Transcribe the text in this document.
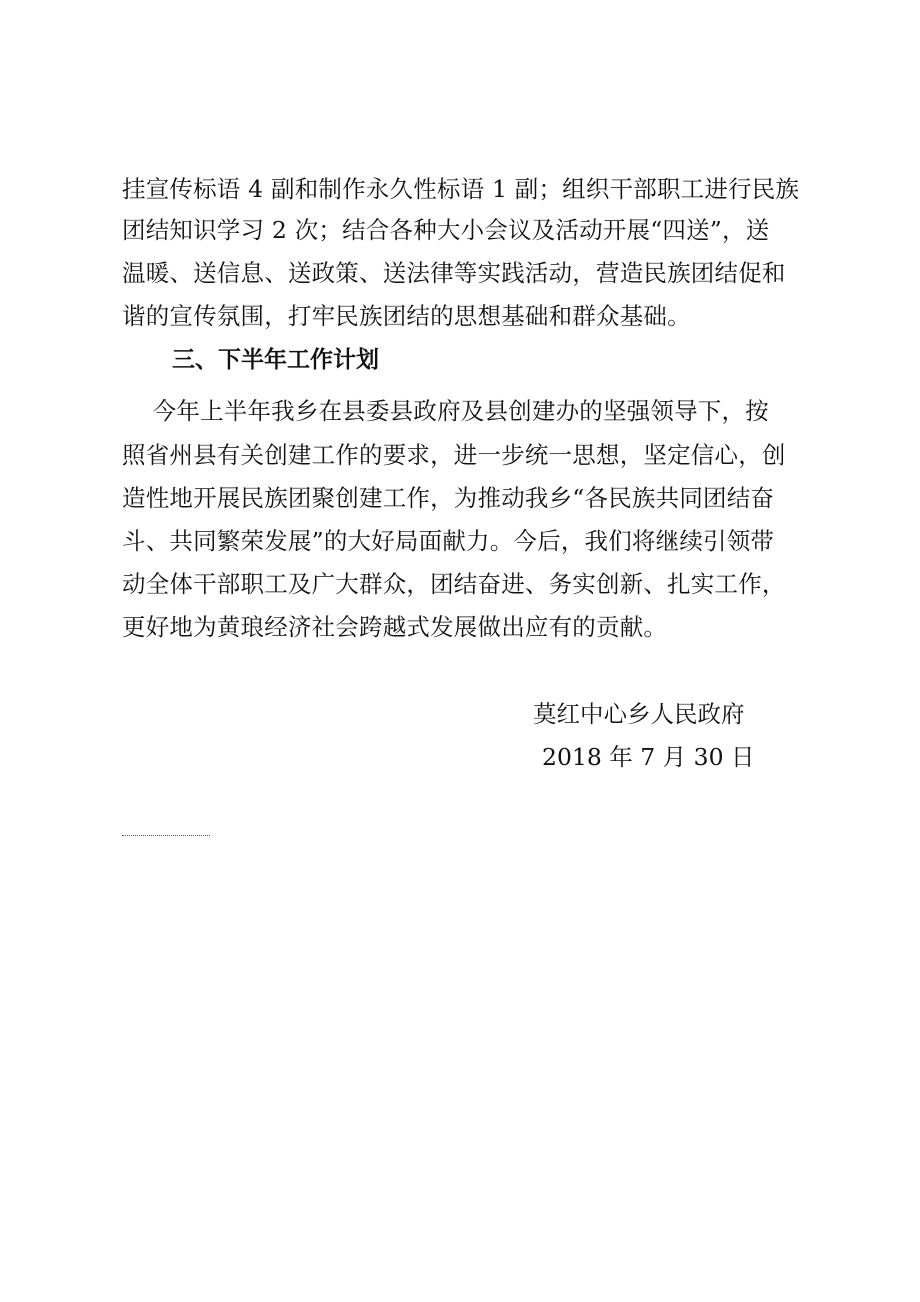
挂宣传标语 4 副和制作永久性标语 1 副；组织干部职工进行民族
团结知识学习 2 次；结合各种大小会议及活动开展“四送”，送
温暖、送信息、送政策、送法律等实践活动，营造民族团结促和
谐的宣传氛围，打牢民族团结的思想基础和群众基础。
三、下半年工作计划
今年上半年我乡在县委县政府及县创建办的坚强领导下，按
照省州县有关创建工作的要求，进一步统一思想，坚定信心，创
造性地开展民族团聚创建工作，为推动我乡“各民族共同团结奋
斗、共同繁荣发展”的大好局面献力。今后，我们将继续引领带
动全体干部职工及广大群众，团结奋进、务实创新、扎实工作，
更好地为黄琅经济社会跨越式发展做出应有的贡献。
莫红中心乡人民政府
2018 年 7 月 30 日
